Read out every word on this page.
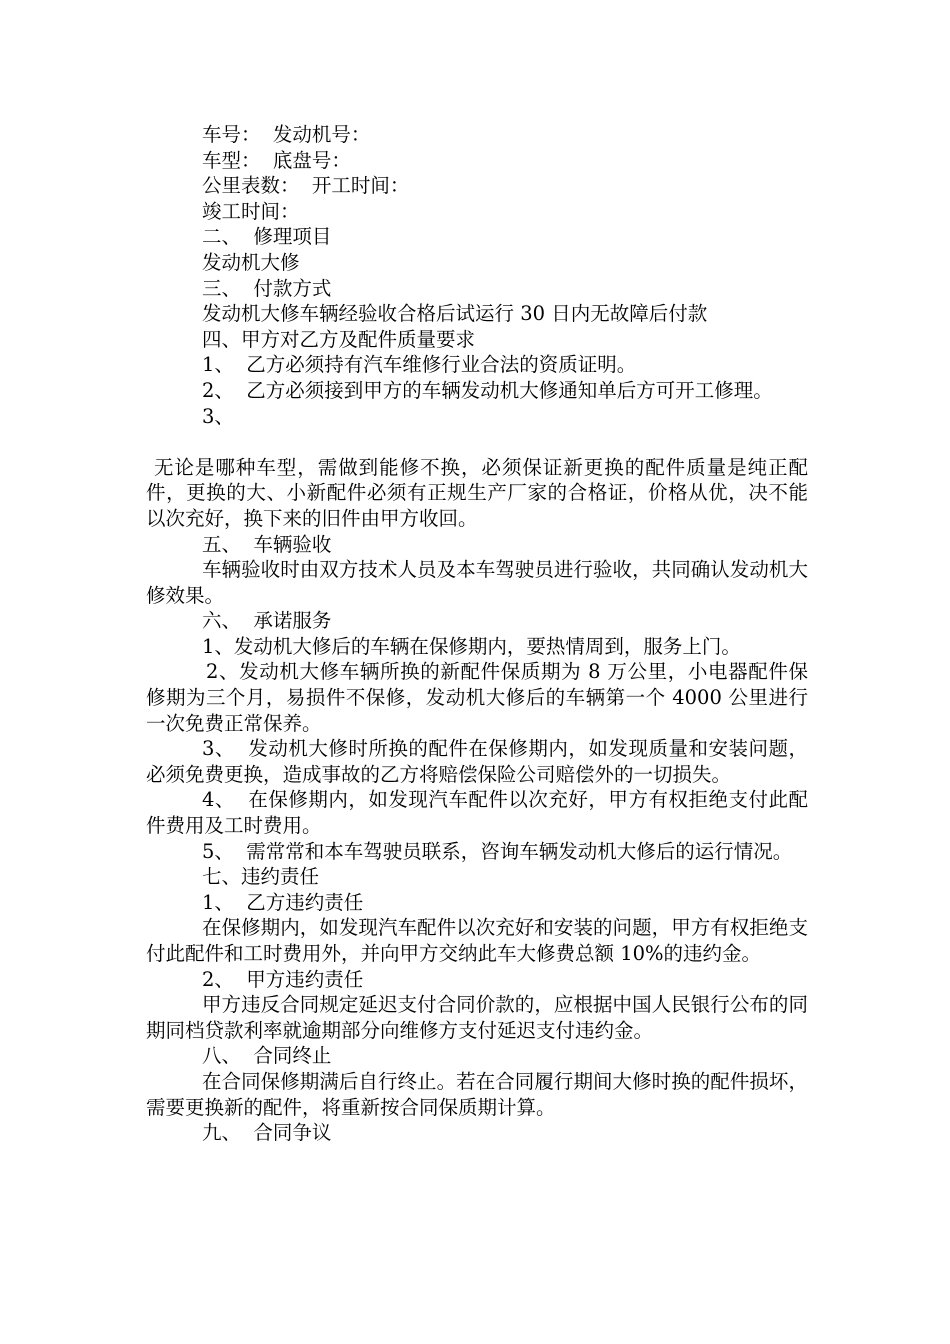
车号：  发动机号：

车型：  底盘号：

公里表数：  开工时间：

竣工时间：

二、  修理项目

发动机大修

三、  付款方式

发动机大修车辆经验收合格后试运行 30 日内无故障后付款

四、甲方对乙方及配件质量要求

1、  乙方必须持有汽车维修行业合法的资质证明。

2、  乙方必须接到甲方的车辆发动机大修通知单后方可开工修理。

3、

无论是哪种车型，需做到能修不换，必须保证新更换的配件质量是纯正配件，更换的大、小新配件必须有正规生产厂家的合格证，价格从优，决不能以次充好，换下来的旧件由甲方收回。

五、  车辆验收

车辆验收时由双方技术人员及本车驾驶员进行验收，共同确认发动机大修效果。

六、  承诺服务

1、发动机大修后的车辆在保修期内，要热情周到，服务上门。

2、发动机大修车辆所换的新配件保质期为 8 万公里，小电器配件保修期为三个月，易损件不保修，发动机大修后的车辆第一个 4000 公里进行一次免费正常保养。

3、  发动机大修时所换的配件在保修期内，如发现质量和安装问题，必须免费更换，造成事故的乙方将赔偿保险公司赔偿外的一切损失。

4、  在保修期内，如发现汽车配件以次充好，甲方有权拒绝支付此配件费用及工时费用。

5、  需常常和本车驾驶员联系，咨询车辆发动机大修后的运行情况。

七、违约责任

1、  乙方违约责任

在保修期内，如发现汽车配件以次充好和安装的问题，甲方有权拒绝支付此配件和工时费用外，并向甲方交纳此车大修费总额 10%的违约金。

2、  甲方违约责任

甲方违反合同规定延迟支付合同价款的，应根据中国人民银行公布的同期同档贷款利率就逾期部分向维修方支付延迟支付违约金。

八、  合同终止

在合同保修期满后自行终止。若在合同履行期间大修时换的配件损坏，需要更换新的配件，将重新按合同保质期计算。

九、  合同争议
